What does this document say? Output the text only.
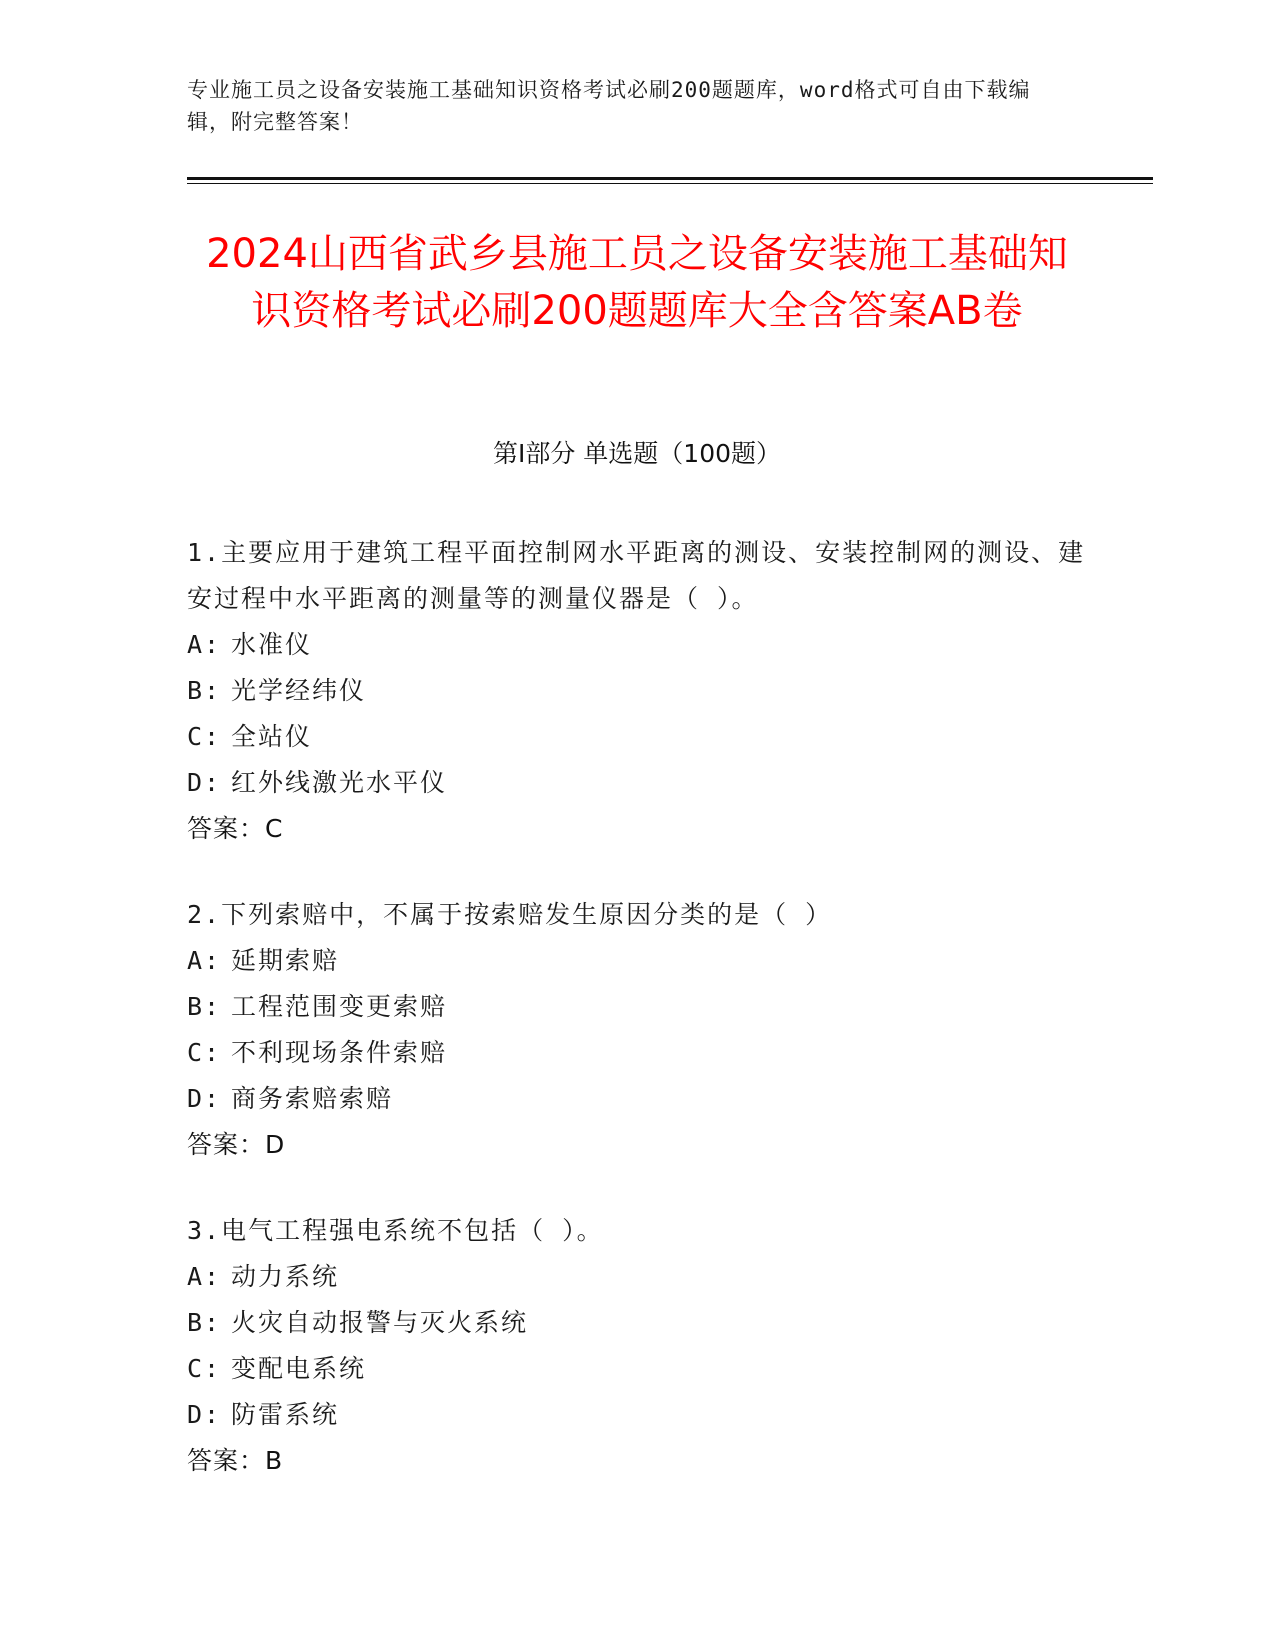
专业施工员之设备安装施工基础知识资格考试必刷200题题库，word格式可自由下载编辑，附完整答案！
2024山西省武乡县施工员之设备安装施工基础知识资格考试必刷200题题库大全含答案AB卷
第I部分 单选题（100题）
1.主要应用于建筑工程平面控制网水平距离的测设、安装控制网的测设、建安过程中水平距离的测量等的测量仪器是（ ）。
A: 水准仪
B: 光学经纬仪
C: 全站仪
D: 红外线激光水平仪
答案：C
2.下列索赔中，不属于按索赔发生原因分类的是（ ）
A: 延期索赔
B: 工程范围变更索赔
C: 不利现场条件索赔
D: 商务索赔索赔
答案：D
3.电气工程强电系统不包括（ ）。
A: 动力系统
B: 火灾自动报警与灭火系统
C: 变配电系统
D: 防雷系统
答案：B
